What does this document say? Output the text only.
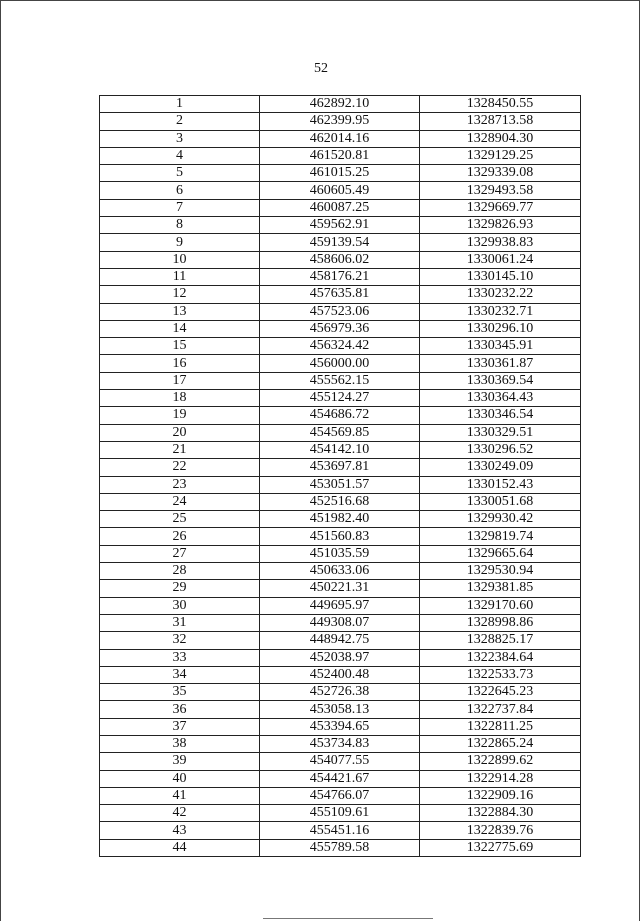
52
1	462892.10	1328450.55
2	462399.95	1328713.58
3	462014.16	1328904.30
4	461520.81	1329129.25
5	461015.25	1329339.08
6	460605.49	1329493.58
7	460087.25	1329669.77
8	459562.91	1329826.93
9	459139.54	1329938.83
10	458606.02	1330061.24
11	458176.21	1330145.10
12	457635.81	1330232.22
13	457523.06	1330232.71
14	456979.36	1330296.10
15	456324.42	1330345.91
16	456000.00	1330361.87
17	455562.15	1330369.54
18	455124.27	1330364.43
19	454686.72	1330346.54
20	454569.85	1330329.51
21	454142.10	1330296.52
22	453697.81	1330249.09
23	453051.57	1330152.43
24	452516.68	1330051.68
25	451982.40	1329930.42
26	451560.83	1329819.74
27	451035.59	1329665.64
28	450633.06	1329530.94
29	450221.31	1329381.85
30	449695.97	1329170.60
31	449308.07	1328998.86
32	448942.75	1328825.17
33	452038.97	1322384.64
34	452400.48	1322533.73
35	452726.38	1322645.23
36	453058.13	1322737.84
37	453394.65	1322811.25
38	453734.83	1322865.24
39	454077.55	1322899.62
40	454421.67	1322914.28
41	454766.07	1322909.16
42	455109.61	1322884.30
43	455451.16	1322839.76
44	455789.58	1322775.69
